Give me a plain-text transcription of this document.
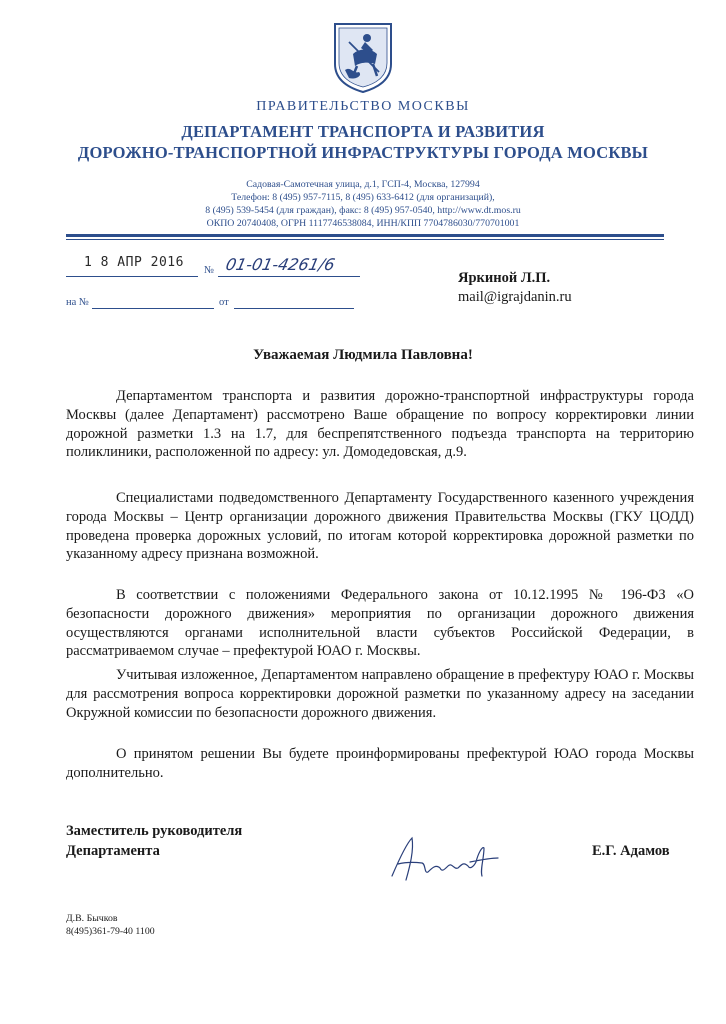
ПРАВИТЕЛЬСТВО МОСКВЫ
ДЕПАРТАМЕНТ ТРАНСПОРТА И РАЗВИТИЯ
ДОРОЖНО-ТРАНСПОРТНОЙ ИНФРАСТРУКТУРЫ ГОРОДА МОСКВЫ
Садовая-Самотечная улица, д.1, ГСП-4, Москва, 127994
Телефон: 8 (495) 957-7115, 8 (495) 633-6412 (для организаций),
8 (495) 539-5454 (для граждан), факс: 8 (495) 957-0540, http://www.dt.mos.ru
ОКПО 20740408, ОГРН 1117746538084, ИНН/КПП 7704786030/770701001
1 8 АПР 2016
№ 01-01-4261/6
на №	от
Яркиной Л.П.
mail@igrajdanin.ru
Уважаемая Людмила Павловна!

Департаментом транспорта и развития дорожно-транспортной инфраструктуры города Москвы (далее Департамент) рассмотрено Ваше обращение по вопросу корректировки линии дорожной разметки 1.3 на 1.7, для беспрепятственного подъезда транспорта на территорию поликлиники, расположенной по адресу: ул. Домодедовская, д.9.

Специалистами подведомственного Департаменту Государственного казенного учреждения города Москвы – Центр организации дорожного движения Правительства Москвы (ГКУ ЦОДД) проведена проверка дорожных условий, по итогам которой корректировка дорожной разметки по указанному адресу признана возможной.

В соответствии с положениями Федерального закона от 10.12.1995 № 196-ФЗ «О безопасности дорожного движения» мероприятия по организации дорожного движения осуществляются органами исполнительной власти субъектов Российской Федерации, в рассматриваемом случае – префектурой ЮАО г. Москвы.

Учитывая изложенное, Департаментом направлено обращение в префектуру ЮАО г. Москвы для рассмотрения вопроса корректировки дорожной разметки по указанному адресу на заседании Окружной комиссии по безопасности дорожного движения.

О принятом решении Вы будете проинформированы префектурой ЮАО города Москвы дополнительно.

Заместитель руководителя
Департамента	Е.Г. Адамов
Д.В. Бычков
8(495)361-79-40 1100
